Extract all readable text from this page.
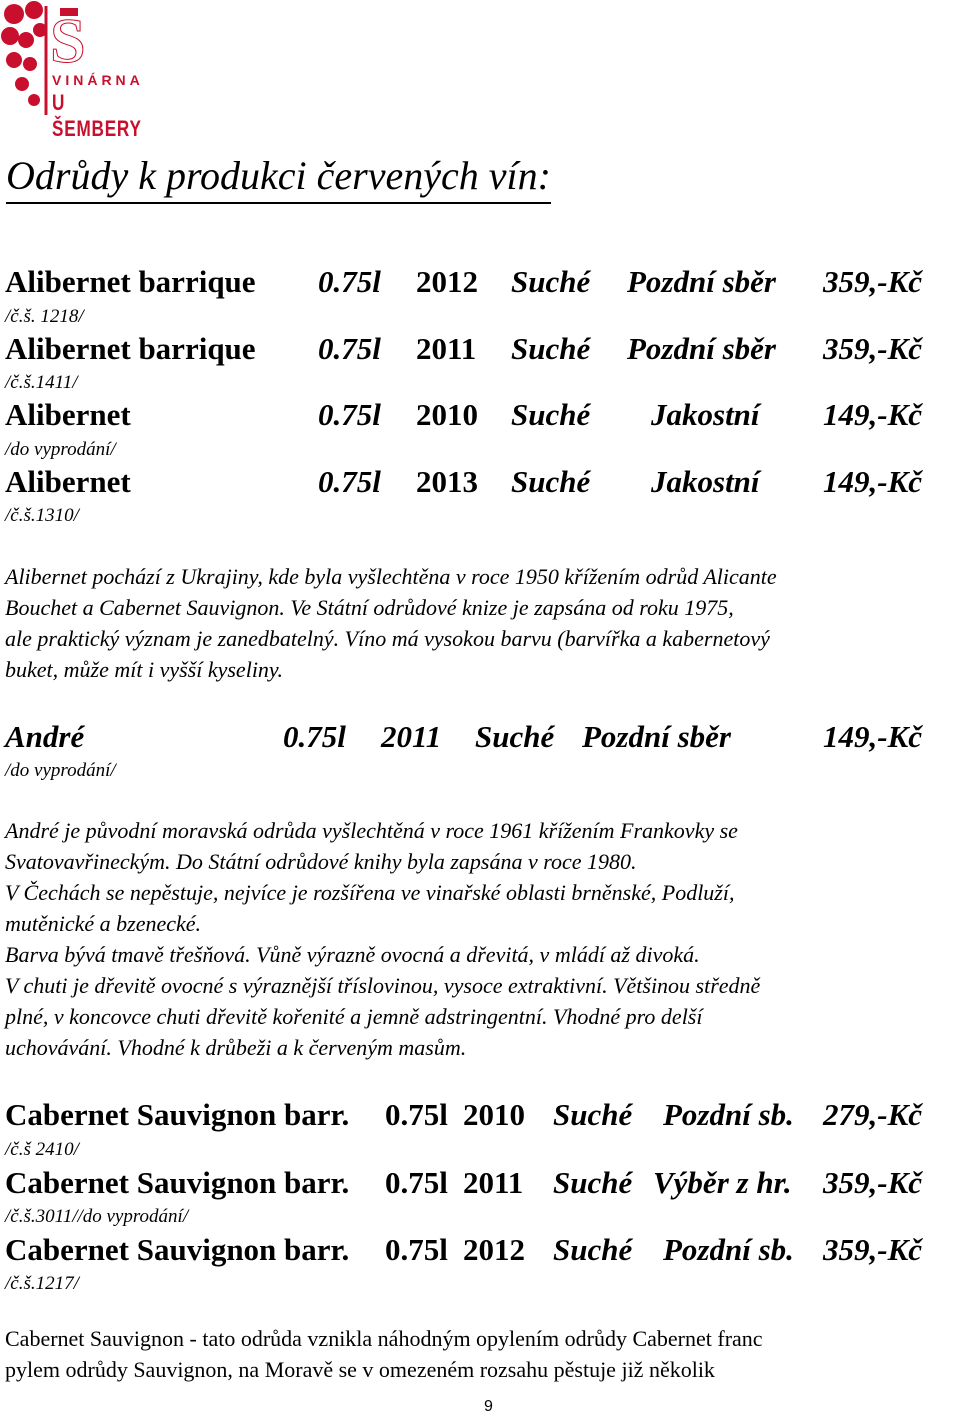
S
VINÁRNA
U ŠEMBERY
Odrůdy k produkci červených vín:
Alibernet barrique 0.75l 2012 Suché Pozdní sběr 359,-Kč
/č.š. 1218/
Alibernet barrique 0.75l 2011 Suché Pozdní sběr 359,-Kč
/č.š.1411/
Alibernet	0.75l 2010 Suché Jakostní 149,-Kč
/do vyprodání/
Alibernet	0.75l 2013 Suché Jakostní 149,-Kč
/č.š.1310/
Alibernet pochází z Ukrajiny, kde byla vyšlechtěna v roce 1950 křížením odrůd Alicante
Bouchet a Cabernet Sauvignon. Ve Státní odrůdové knize je zapsána od roku 1975,
ale praktický význam je zanedbatelný. Víno má vysokou barvu (barvířka a kabernetový
buket, může mít i vyšší kyseliny.
André	0.75l 2011 Suché Pozdní sběr	149,-Kč
/do vyprodání/
André je původní moravská odrůda vyšlechtěná v roce 1961 křížením Frankovky se
Svatovavřineckým. Do Státní odrůdové knihy byla zapsána v roce 1980.
V Čechách se nepěstuje, nejvíce je rozšířena ve vinařské oblasti brněnské, Podluží,
mutěnické a bzenecké.
Barva bývá tmavě třešňová. Vůně výrazně ovocná a dřevitá, v mládí až divoká.
V chuti je dřevitě ovocné s výraznější tříslovinou, vysoce extraktivní. Většinou středně
plné, v koncovce chuti dřevitě kořenité a jemně adstringentní. Vhodné pro delší
uchovávání. Vhodné k drůbeži a k červeným masům.
Cabernet Sauvignon barr. 0.75l 2010 Suché Pozdní sb. 279,-Kč
/č.š 2410/
Cabernet Sauvignon barr. 0.75l 2011 Suché Výběr z hr. 359,-Kč
/č.š.3011//do vyprodání/
Cabernet Sauvignon barr. 0.75l 2012 Suché Pozdní sb. 359,-Kč
/č.š.1217/
Cabernet Sauvignon - tato odrůda vznikla náhodným opylením odrůdy Cabernet franc
pylem odrůdy Sauvignon, na Moravě se v omezeném rozsahu pěstuje již několik
9
